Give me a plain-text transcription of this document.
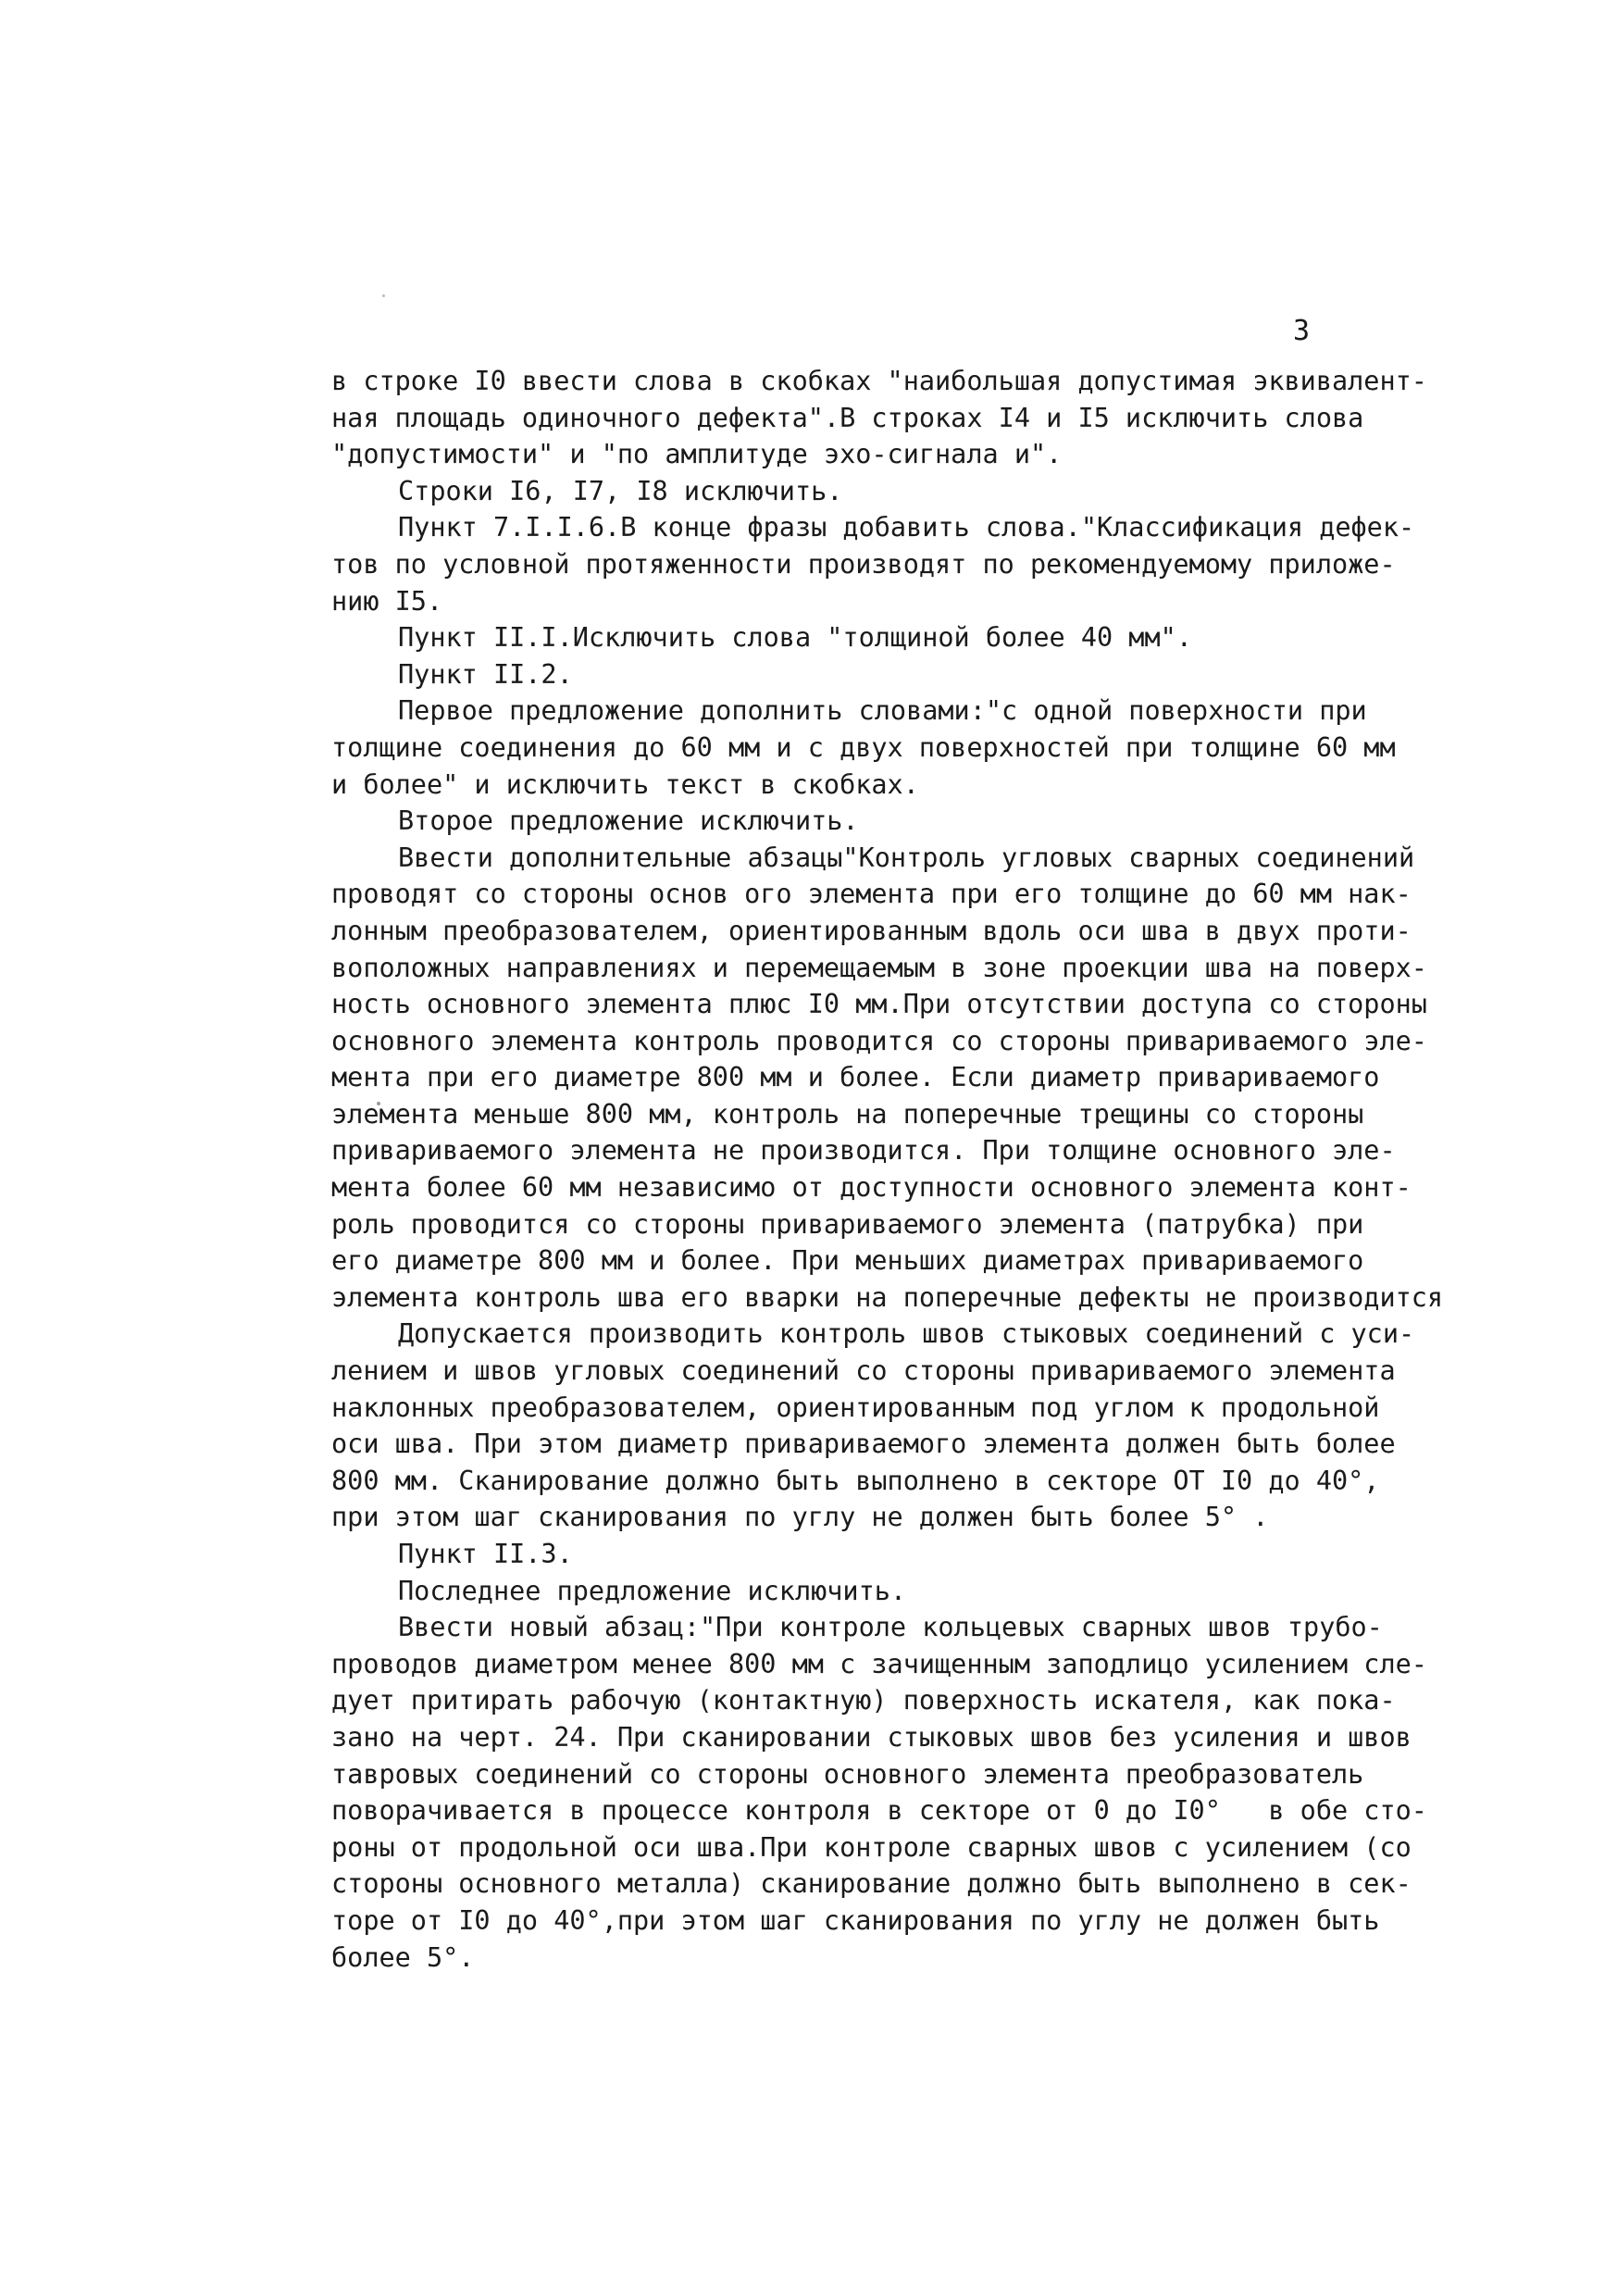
3
в строке I0 ввести слова в скобках "наибольшая допустимая эквивалент-
ная площадь одиночного дефекта".В строках I4 и I5 исключить слова
"допустимости" и "по амплитуде эхо-сигнала и".
Строки I6, I7, I8 исключить.
Пункт 7.I.I.6.В конце фразы добавить слова."Классификация дефек-
тов по условной протяженности производят по рекомендуемому приложе-
нию I5.
Пункт II.I.Исключить слова "толщиной более 40 мм".
Пункт II.2.
Первое предложение дополнить словами:"с одной поверхности при
толщине соединения до 60 мм и с двух поверхностей при толщине 60 мм
и более" и исключить текст в скобках.
Второе предложение исключить.
Ввести дополнительные абзацы"Контроль угловых сварных соединений
проводят со стороны основ ого элемента при его толщине до 60 мм нак-
лонным преобразователем, ориентированным вдоль оси шва в двух проти-
воположных направлениях и перемещаемым в зоне проекции шва на поверх-
ность основного элемента плюс I0 мм.При отсутствии доступа со стороны
основного элемента контроль проводится со стороны привариваемого эле-
мента при его диаметре 800 мм и более. Если диаметр привариваемого
элемента меньше 800 мм, контроль на поперечные трещины со стороны
привариваемого элемента не производится. При толщине основного эле-
мента более 60 мм независимо от доступности основного элемента конт-
роль проводится со стороны привариваемого элемента (патрубка) при
его диаметре 800 мм и более. При меньших диаметрах привариваемого
элемента контроль шва его вварки на поперечные дефекты не производится
Допускается производить контроль швов стыковых соединений с уси-
лением и швов угловых соединений со стороны привариваемого элемента
наклонных преобразователем, ориентированным под углом к продольной
оси шва. При этом диаметр привариваемого элемента должен быть более
800 мм. Сканирование должно быть выполнено в секторе ОТ I0 до 40°,
при этом шаг сканирования по углу не должен быть более 5° .
Пункт II.3.
Последнее предложение исключить.
Ввести новый абзац:"При контроле кольцевых сварных швов трубо-
проводов диаметром менее 800 мм с зачищенным заподлицо усилением сле-
дует притирать рабочую (контактную) поверхность искателя, как пока-
зано на черт. 24. При сканировании стыковых швов без усиления и швов
тавровых соединений со стороны основного элемента преобразователь
поворачивается в процессе контроля в секторе от 0 до I0°   в обе сто-
роны от продольной оси шва.При контроле сварных швов с усилением (со
стороны основного металла) сканирование должно быть выполнено в сек-
торе от I0 до 40°,при этом шаг сканирования по углу не должен быть
более 5°.
